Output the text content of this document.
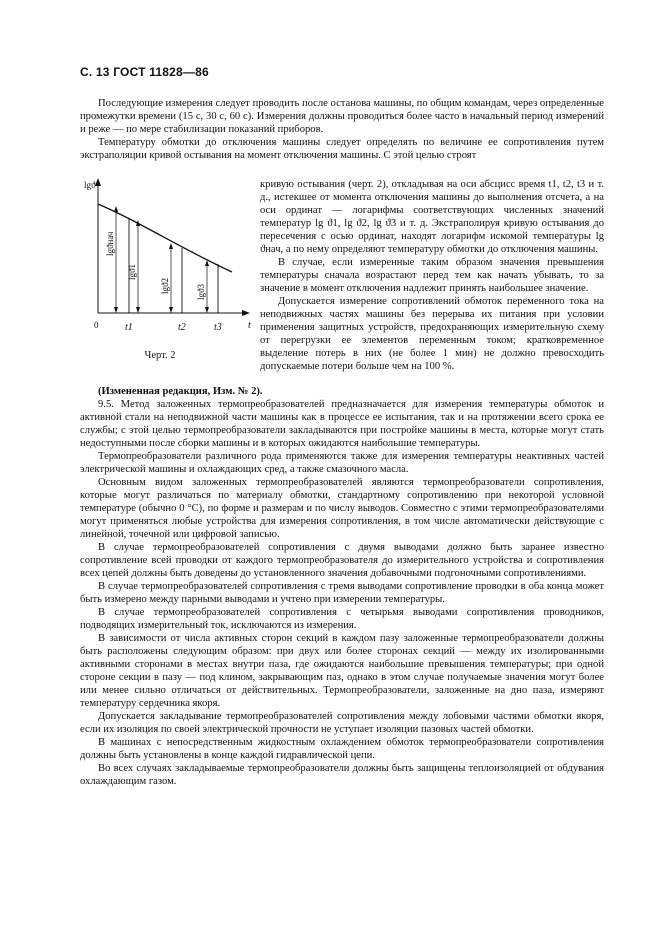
С. 13 ГОСТ 11828—86

Последующие измерения следует проводить после останова машины, по общим командам, через определенные промежутки времени (15 с, 30 с, 60 с). Измерения должны проводиться более часто в начальный период измерений и реже — по мере стабилизации показаний приборов.

Температуру обмотки до отключения машины следует определять по величине ее сопротивления путем экстраполяции кривой остывания на момент отключения машины. С этой целью строят

lgϑ
t
0	t1	t2	t3
lgϑнач
lgϑ1
lgϑ2	lgϑ3
Черт. 2

кривую остывания (черт. 2), откладывая на оси абсцисс время t1, t2, t3 и т. д., истекшее от момента отключения машины до выполнения отсчета, а на оси ординат — логарифмы соответствующих численных значений температур lg ϑ1, lg ϑ2, lg ϑ3 и т. д. Экстраполируя кривую остывания до пересечения с осью ординат, находят логарифм искомой температуры lg ϑнач, а по нему определяют температуру обмотки до отключения машины.

В случае, если измеренные таким образом значения превышения температуры сначала возрастают перед тем как начать убывать, то за значение в момент отключения надлежит принять наибольшее значение.

Допускается измерение сопротивлений обмоток переменного тока на неподвижных частях машины без перерыва их питания при условии применения защитных устройств, предохраняющих измерительную схему от перегрузки ее элементов переменным током; кратковременное выделение потерь в них (не более 1 мин) не должно превосходить допускаемые потери больше чем на 100 %.

(Измененная редакция, Изм. № 2).

9.5. Метод заложенных термопреобразователей предназначается для измерения температуры обмоток и активной стали на неподвижной части машины как в процессе ее испытания, так и на протяжении всего срока ее службы; с этой целью термопреобразователи закладываются при постройке машины в места, которые могут стать недоступными после сборки машины и в которых ожидаются наибольшие температуры.

Термопреобразователи различного рода применяются также для измерения температуры неактивных частей электрической машины и охлаждающих сред, а также смазочного масла.

Основным видом заложенных термопреобразователей являются термопреобразователи сопротивления, которые могут различаться по материалу обмотки, стандартному сопротивлению при некоторой условной температуре (обычно 0 °С), по форме и размерам и по числу выводов. Совместно с этими термопреобразователями могут применяться любые устройства для измерения сопротивления, в том числе автоматически действующие с линейной, точечной или цифровой записью.

В случае термопреобразователей сопротивления с двумя выводами должно быть заранее известно сопротивление всей проводки от каждого термопреобразователя до измерительного устройства и сопротивления всех цепей должны быть доведены до установленного значения добавочными подгоночными сопротивлениями.

В случае термопреобразователей сопротивления с тремя выводами сопротивление проводки в оба конца может быть измерено между парными выводами и учтено при измерении температуры.

В случае термопреобразователей сопротивления с четырьмя выводами сопротивления проводников, подводящих измерительный ток, исключаются из измерения.

В зависимости от числа активных сторон секций в каждом пазу заложенные термопреобразователи должны быть расположены следующим образом: при двух или более сторонах секций — между их изолированными активными сторонами в местах внутри паза, где ожидаются наибольшие превышения температуры; при одной стороне секции в пазу — под клином, закрывающим паз, однако в этом случае получаемые значения могут более или менее сильно отличаться от действительных. Термопреобразователи, заложенные на дно паза, измеряют температуру сердечника якоря.

Допускается закладывание термопреобразователей сопротивления между лобовыми частями обмотки якоря, если их изоляция по своей электрической прочности не уступает изоляции пазовых частей обмотки.

В машинах с непосредственным жидкостным охлаждением обмоток термопреобразователи сопротивления должны быть установлены в конце каждой гидравлической цепи.

Во всех случаях закладываемые термопреобразователи должны быть защищены теплоизоляцией от обдувания охлаждающим газом.
